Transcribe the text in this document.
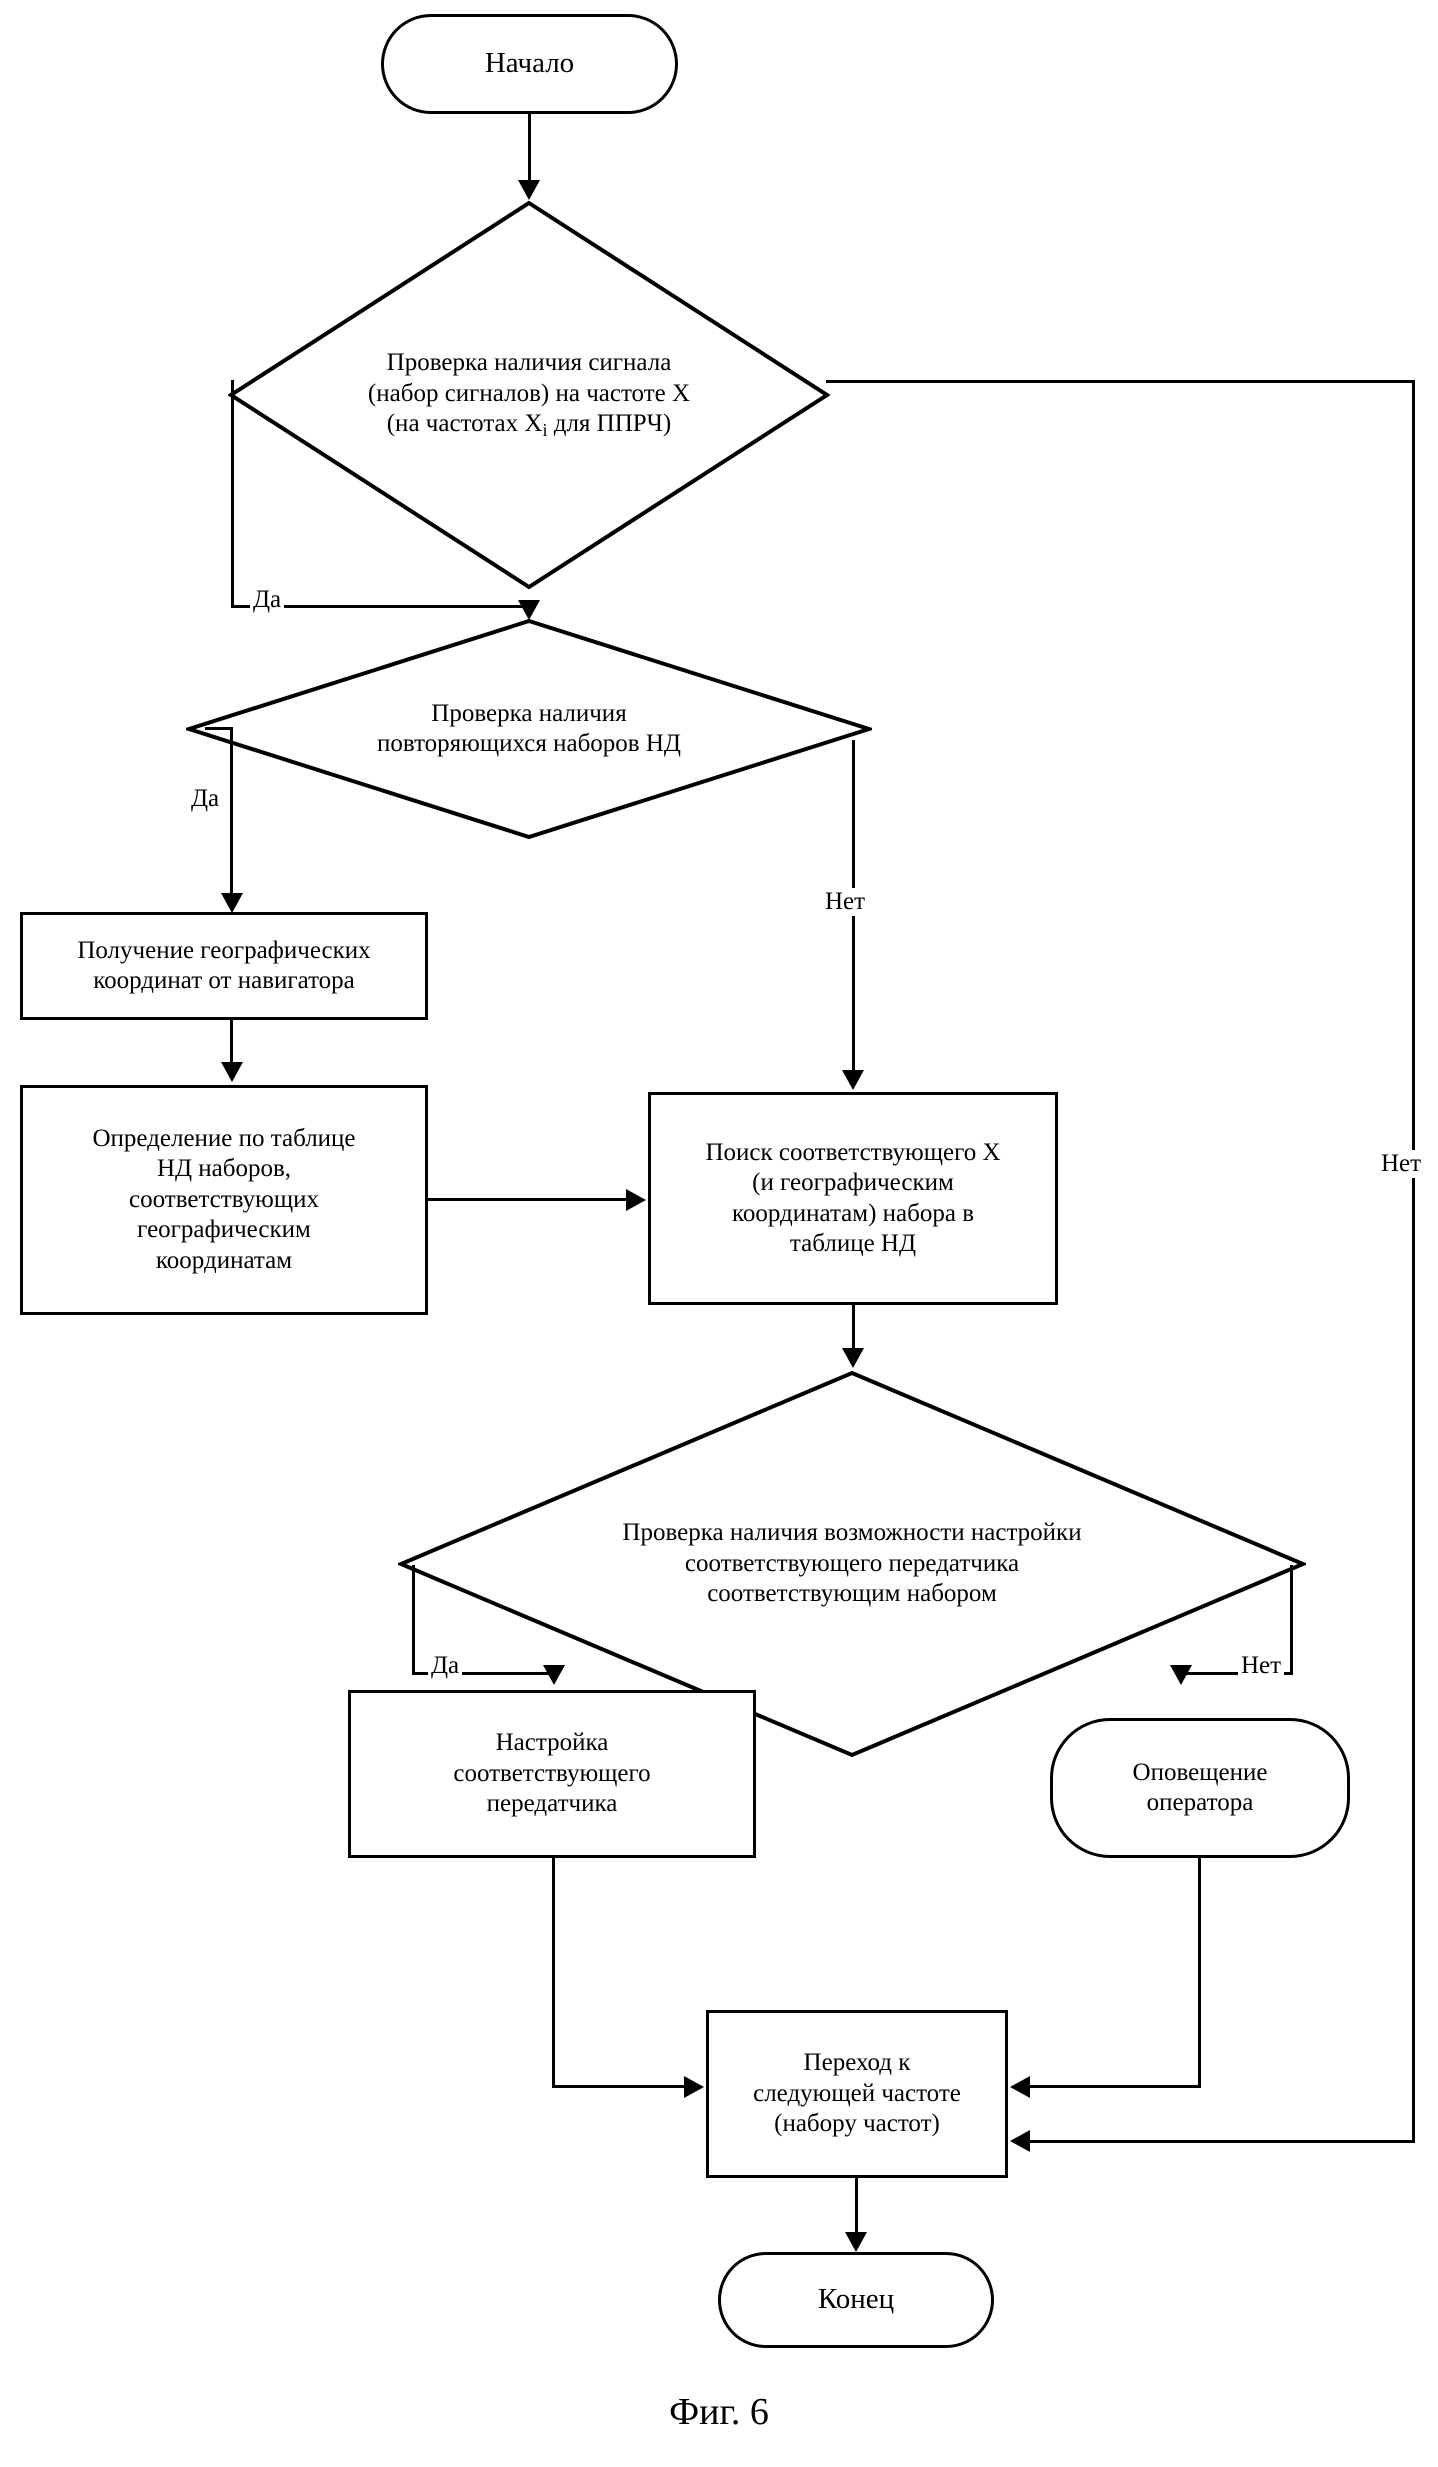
Начало
Проверка наличия сигнала
(набор сигналов) на частоте X
(на частотах $X_i$ для ППРЧ)
Да
Нет
Проверка наличия
повторяющихся наборов НД
Да
Нет
Получение географических
координат от навигатора
Определение по таблице
НД наборов,
соответствующих
географическим
координатам
Поиск соответствующего X
(и географическим
координатам) набора в
таблице НД
Проверка наличия возможности настройки
соответствующего передатчика
соответствующим набором
Да	Нет
Настройка
соответствующего
передатчика
Оповещение
оператора
Переход к
следующей частоте
(набору частот)
Конец
Фиг. 6
